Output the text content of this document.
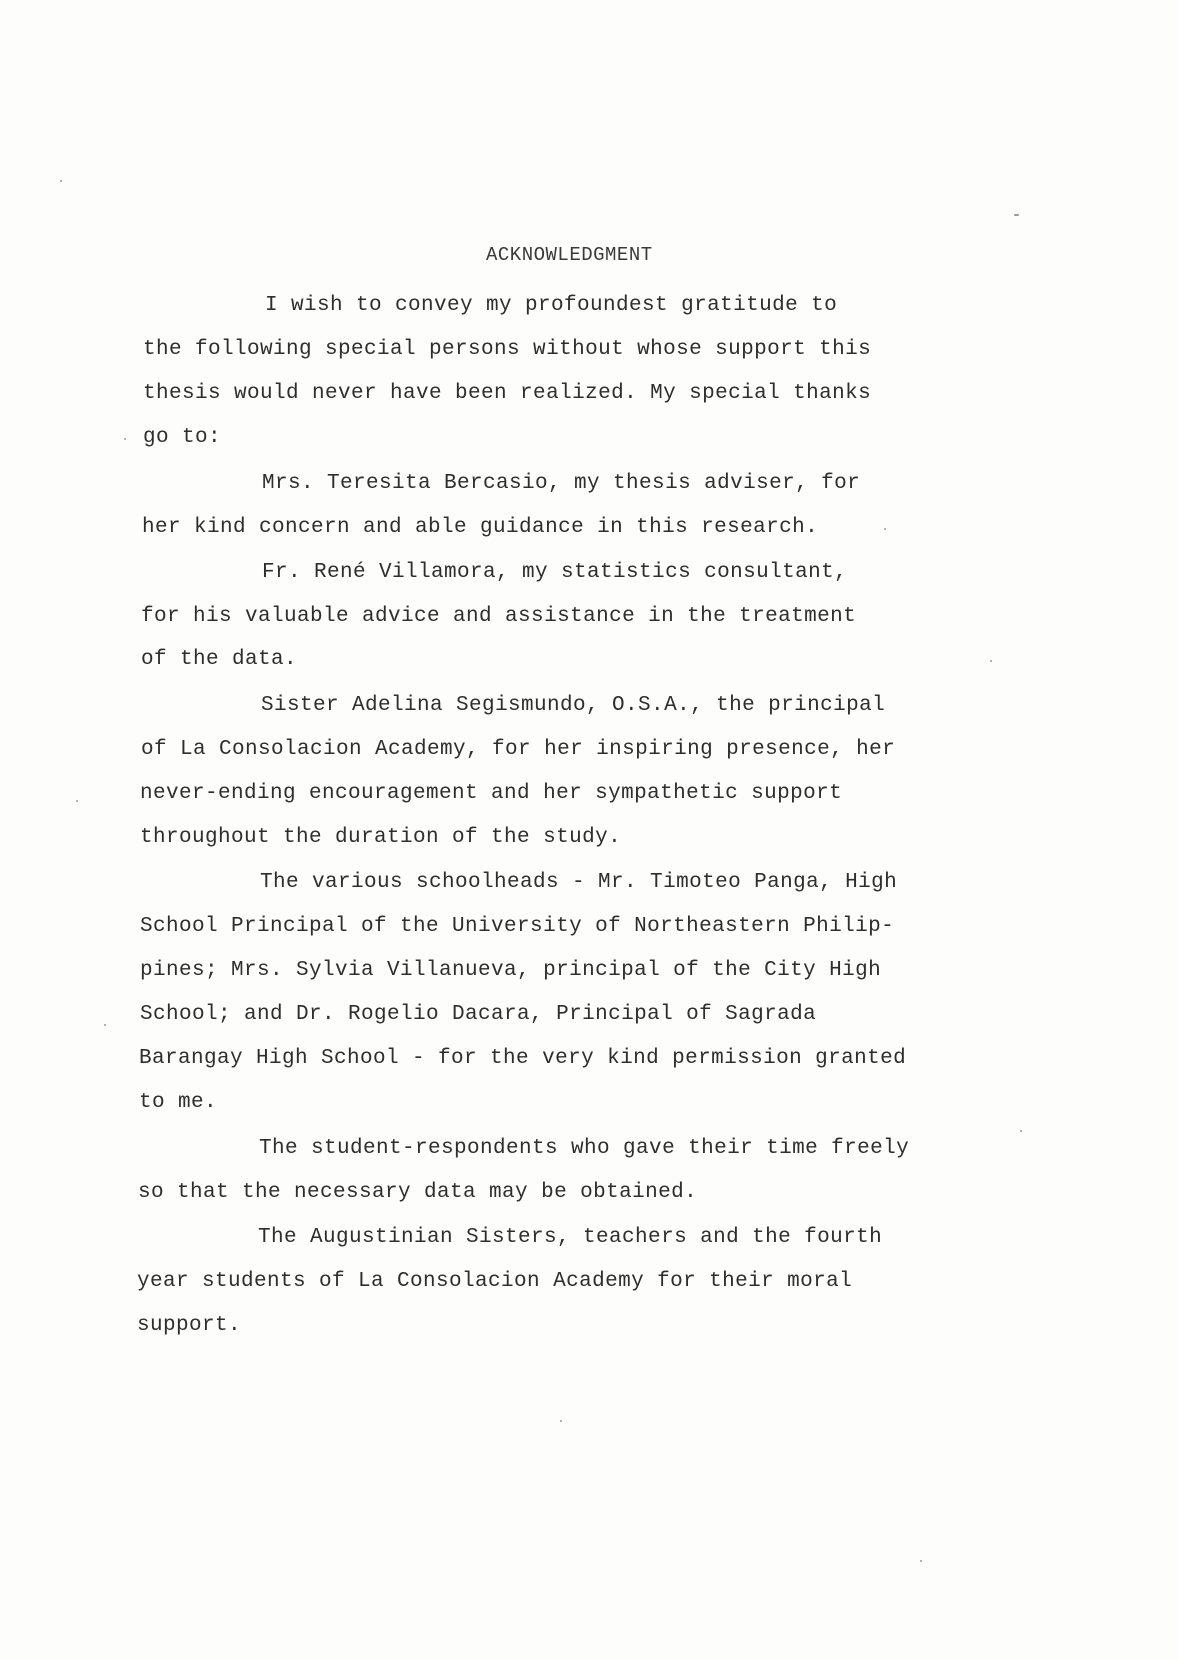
ACKNOWLEDGMENT
I wish to convey my profoundest gratitude to
the following special persons without whose support this
thesis would never have been realized. My special thanks
go to:
Mrs. Teresita Bercasio, my thesis adviser, for
her kind concern and able guidance in this research.
Fr. René Villamora, my statistics consultant,
for his valuable advice and assistance in the treatment
of the data.
Sister Adelina Segismundo, O.S.A., the principal
of La Consolacion Academy, for her inspiring presence, her
never-ending encouragement and her sympathetic support
throughout the duration of the study.
The various schoolheads - Mr. Timoteo Panga, High
School Principal of the University of Northeastern Philip-
pines; Mrs. Sylvia Villanueva, principal of the City High
School; and Dr. Rogelio Dacara, Principal of Sagrada
Barangay High School - for the very kind permission granted
to me.
The student-respondents who gave their time freely
so that the necessary data may be obtained.
The Augustinian Sisters, teachers and the fourth
year students of La Consolacion Academy for their moral
support.
